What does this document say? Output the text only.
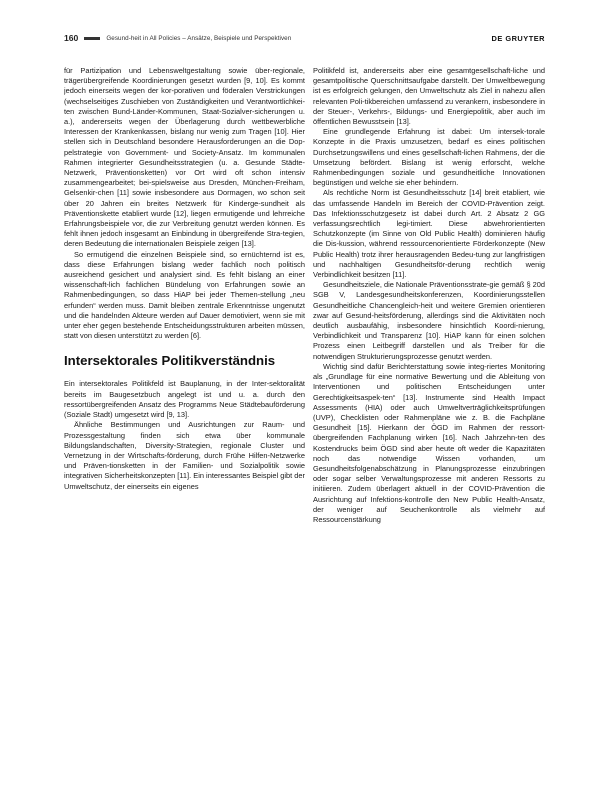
160	Gesund-heit in All Policies – Ansätze, Beispiele und Perspektiven	DE GRUYTER

für Partizipation und Lebensweltgestaltung sowie über-regionale, trägerübergreifende Koordinierungen gesetzt wurden [9, 10]. Es kommt jedoch einerseits wegen der kor-porativen und föderalen Verstrickungen (wechselseitiges Zuschieben von Zuständigkeiten und Verantwortlichkei-ten zwischen Bund-Länder-Kommunen, Staat-Sozialver-sicherungen u. a.), andererseits wegen der Überlagerung durch wettbewerbliche Interessen der Krankenkassen, bislang nur wenig zum Tragen [10]. Hier stellen sich in Deutschland besondere Herausforderungen an die Dop-pelstrategie von Government- und Society-Ansatz. Im kommunalen Rahmen integrierter Gesundheitsstrategien (u. a. Gesunde Städte-Netzwerk, Präventionsketten) vor Ort wird oft schon intensiv zusammengearbeitet; bei-spielsweise aus Dresden, München-Freiham, Gelsenkir-chen [11] sowie insbesondere aus Dormagen, wo schon seit über 20 Jahren ein breites Netzwerk für Kinderge-sundheit als Präventionskette etabliert wurde [12], liegen ermutigende und lehrreiche Erfahrungsbeispiele vor, die zur Verbreitung genutzt werden können. Es fehlt ihnen jedoch insgesamt an Einbindung in übergreifende Stra-tegien, deren Bedeutung die internationalen Beispiele zeigen [13].

So ermutigend die einzelnen Beispiele sind, so ernüchternd ist es, dass diese Erfahrungen bislang weder fachlich noch politisch ausreichend gesichert und analysiert sind. Es fehlt bislang an einer wissenschaft-lich fachlichen Bündelung von Erfahrungen sowie an Rahmenbedingungen, so dass HiAP bei jeder Themen-stellung „neu erfunden“ werden muss. Damit bleiben zentrale Erkenntnisse ungenutzt und die handelnden Akteure werden auf Dauer demotiviert, wenn sie mit unter eher gegen bestehende Entscheidungsstrukturen arbeiten müssen, statt von diesen unterstützt zu werden [6].

Intersektorales Politikverständnis

Ein intersektorales Politikfeld ist Bauplanung, in der Inter-sektoralität bereits im Baugesetzbuch angelegt ist und u. a. durch den ressortübergreifenden Ansatz des Programms Neue Städtebauförderung (Soziale Stadt) umgesetzt wird [9, 13].

Ähnliche Bestimmungen und Ausrichtungen zur Raum- und Prozessgestaltung finden sich etwa über kommunale Bildungslandschaften, Diversity-Strategien, regionale Cluster und Vernetzung in der Wirtschafts-förderung, durch Frühe Hilfen-Netzwerke und Präven-tionsketten in der Familien- und Sozialpolitik sowie integrativen Sicherheitskonzepten [11]. Ein interessantes Beispiel gibt der Umweltschutz, der einerseits ein eigenes

Politikfeld ist, andererseits aber eine gesamtgesellschaft-liche und gesamtpolitische Querschnittsaufgabe darstellt. Der Umweltbewegung ist es erfolgreich gelungen, den Umweltschutz als Ziel in nahezu allen relevanten Poli-tikbereichen umfassend zu verankern, insbesondere in der Steuer-, Verkehrs-, Bildungs- und Energiepolitik, aber auch im öffentlichen Bewusstsein [13].

Eine grundlegende Erfahrung ist dabei: Um intersek-torale Konzepte in die Praxis umzusetzen, bedarf es eines politischen Durchsetzungswillens und eines gesellschaft-lichen Rahmens, der die Umsetzung befördert. Bislang ist wenig erforscht, welche Rahmenbedingungen soziale und gesundheitliche Innovationen begünstigen und welche sie eher behindern.

Als rechtliche Norm ist Gesundheitsschutz [14] breit etabliert, wie das umfassende Handeln im Bereich der COVID-Prävention zeigt. Das Infektionsschutzgesetz ist dabei durch Art. 2 Absatz 2 GG verfassungsrechtlich legi-timiert. Diese abwehrorientierten Schutzkonzepte (im Sinne von Old Public Health) dominieren häufig die Dis-kussion, während ressourcenorientierte Förderkonzepte (New Public Health) trotz ihrer herausragenden Bedeu-tung zur langfristigen und nachhaltigen Gesundheitsför-derung rechtlich wenig Verbindlichkeit besitzen [11].

Gesundheitsziele, die Nationale Präventionsstrate-gie gemäß § 20d SGB V, Landesgesundheitskonferenzen, Koordinierungsstellen Gesundheitliche Chancengleich-heit und weitere Gremien orientieren zwar auf Gesund-heitsförderung, allerdings sind die Aktivitäten noch deutlich ausbaufähig, insbesondere hinsichtlich Koordi-nierung, Verbindlichkeit und Transparenz [10]. HiAP kann für einen solchen Prozess einen Leitbegriff darstellen und als Treiber für die notwendigen Strukturierungsprozesse genutzt werden.

Wichtig sind dafür Berichterstattung sowie integ-riertes Monitoring als „Grundlage für eine normative Bewertung und die Ableitung von Interventionen und politischen Entscheidungen unter Gerechtigkeitsaspek-ten“ [13]. Instrumente sind Health Impact Assessments (HIA) oder auch Umweltverträglichkeitsprüfungen (UVP), Checklisten oder Rahmenpläne wie z. B. die Fachpläne Gesundheit [15]. Hierkann der ÖGD im Rahmen der ressort-übergreifenden Fachplanung wirken [16]. Nach Jahrzehn-ten des Kostendrucks beim ÖGD sind aber heute oft weder die Kapazitäten noch das notwendige Wissen vorhanden, um Gesundheitsfolgenabschätzung in Planungsprozesse einzubringen oder sogar selber Verwaltungsprozesse mit anderen Ressorts zu initiieren. Zudem überlagert aktuell in der COVID-Prävention die Ausrichtung auf Infektions-kontrolle den New Public Health-Ansatz, der weniger auf Seuchenkontrolle als vielmehr auf Ressourcenstärkung
